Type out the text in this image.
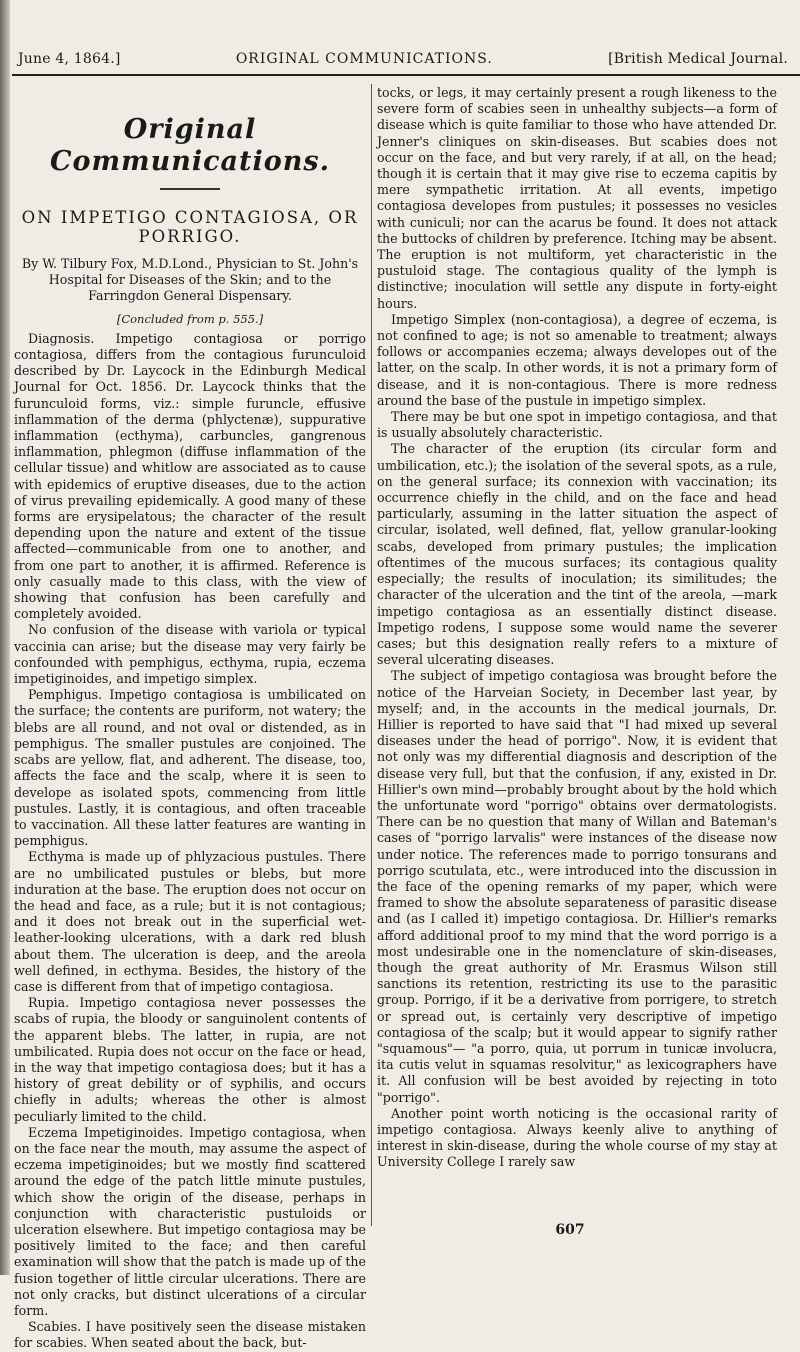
June 4, 1864.]	ORIGINAL COMMUNICATIONS.	[British Medical Journal.
Original Communications.
ON IMPETIGO CONTAGIOSA, OR
PORRIGO.
By W. Tilbury Fox, M.D.Lond., Physician to St. John's Hospital for Diseases of the Skin; and to the Farringdon General Dispensary.
[Concluded from p. 555.]

Diagnosis. Impetigo contagiosa or porrigo contagiosa, differs from the contagious furunculoid described by Dr. Laycock in the Edinburgh Medical Journal for Oct. 1856. Dr. Laycock thinks that the furunculoid forms, viz.: simple furuncle, effusive inflammation of the derma (phlyctenæ), suppurative inflammation (ecthyma), carbuncles, gangrenous inflammation, phlegmon (diffuse inflammation of the cellular tissue) and whitlow are associated as to cause with epidemics of eruptive diseases, due to the action of virus prevailing epidemically. A good many of these forms are erysipelatous; the character of the result depending upon the nature and extent of the tissue affected—communicable from one to another, and from one part to another, it is affirmed. Reference is only casually made to this class, with the view of showing that confusion has been carefully and completely avoided.

No confusion of the disease with variola or typical vaccinia can arise; but the disease may very fairly be confounded with pemphigus, ecthyma, rupia, eczema impetiginoides, and impetigo simplex.

Pemphigus. Impetigo contagiosa is umbilicated on the surface; the contents are puriform, not watery; the blebs are all round, and not oval or distended, as in pemphigus. The smaller pustules are conjoined. The scabs are yellow, flat, and adherent. The disease, too, affects the face and the scalp, where it is seen to develope as isolated spots, commencing from little pustules. Lastly, it is contagious, and often traceable to vaccination. All these latter features are wanting in pemphigus.

Ecthyma is made up of phlyzacious pustules. There are no umbilicated pustules or blebs, but more induration at the base. The eruption does not occur on the head and face, as a rule; but it is not contagious; and it does not break out in the superficial wet-leather-looking ulcerations, with a dark red blush about them. The ulceration is deep, and the areola well defined, in ecthyma. Besides, the history of the case is different from that of impetigo contagiosa.

Rupia. Impetigo contagiosa never possesses the scabs of rupia, the bloody or sanguinolent contents of the apparent blebs. The latter, in rupia, are not umbilicated. Rupia does not occur on the face or head, in the way that impetigo contagiosa does; but it has a history of great debility or of syphilis, and occurs chiefly in adults; whereas the other is almost peculiarly limited to the child.

Eczema Impetiginoides. Impetigo contagiosa, when on the face near the mouth, may assume the aspect of eczema impetiginoides; but we mostly find scattered around the edge of the patch little minute pustules, which show the origin of the disease, perhaps in conjunction with characteristic pustuloids or ulceration elsewhere. But impetigo contagiosa may be positively limited to the face; and then careful examination will show that the patch is made up of the fusion together of little circular ulcerations. There are not only cracks, but distinct ulcerations of a circular form.

Scabies. I have positively seen the disease mistaken for scabies. When seated about the back, but-

tocks, or legs, it may certainly present a rough likeness to the severe form of scabies seen in unhealthy subjects—a form of disease which is quite familiar to those who have attended Dr. Jenner's cliniques on skin-diseases. But scabies does not occur on the face, and but very rarely, if at all, on the head; though it is certain that it may give rise to eczema capitis by mere sympathetic irritation. At all events, impetigo contagiosa developes from pustules; it possesses no vesicles with cuniculi; nor can the acarus be found. It does not attack the buttocks of children by preference. Itching may be absent. The eruption is not multiform, yet characteristic in the pustuloid stage. The contagious quality of the lymph is distinctive; inoculation will settle any dispute in forty-eight hours.

Impetigo Simplex (non-contagiosa), a degree of eczema, is not confined to age; is not so amenable to treatment; always follows or accompanies eczema; always developes out of the latter, on the scalp. In other words, it is not a primary form of disease, and it is non-contagious. There is more redness around the base of the pustule in impetigo simplex.

There may be but one spot in impetigo contagiosa, and that is usually absolutely characteristic.

The character of the eruption (its circular form and umbilication, etc.); the isolation of the several spots, as a rule, on the general surface; its connexion with vaccination; its occurrence chiefly in the child, and on the face and head particularly, assuming in the latter situation the aspect of circular, isolated, well defined, flat, yellow granular-looking scabs, developed from primary pustules; the implication oftentimes of the mucous surfaces; its contagious quality especially; the results of inoculation; its similitudes; the character of the ulceration and the tint of the areola, —mark impetigo contagiosa as an essentially distinct disease. Impetigo rodens, I suppose some would name the severer cases; but this designation really refers to a mixture of several ulcerating diseases.

The subject of impetigo contagiosa was brought before the notice of the Harveian Society, in December last year, by myself; and, in the accounts in the medical journals, Dr. Hillier is reported to have said that "I had mixed up several diseases under the head of porrigo". Now, it is evident that not only was my differential diagnosis and description of the disease very full, but that the confusion, if any, existed in Dr. Hillier's own mind—probably brought about by the hold which the unfortunate word "porrigo" obtains over dermatologists. There can be no question that many of Willan and Bateman's cases of "porrigo larvalis" were instances of the disease now under notice. The references made to porrigo tonsurans and porrigo scutulata, etc., were introduced into the discussion in the face of the opening remarks of my paper, which were framed to show the absolute separateness of parasitic disease and (as I called it) impetigo contagiosa. Dr. Hillier's remarks afford additional proof to my mind that the word porrigo is a most undesirable one in the nomenclature of skin-diseases, though the great authority of Mr. Erasmus Wilson still sanctions its retention, restricting its use to the parasitic group. Porrigo, if it be a derivative from porrigere, to stretch or spread out, is certainly very descriptive of impetigo contagiosa of the scalp; but it would appear to signify rather "squamous"— "a porro, quia, ut porrum in tunicæ involucra, ita cutis velut in squamas resolvitur," as lexicographers have it. All confusion will be best avoided by rejecting in toto "porrigo".

Another point worth noticing is the occasional rarity of impetigo contagiosa. Always keenly alive to anything of interest in skin-disease, during the whole course of my stay at University College I rarely saw

607
